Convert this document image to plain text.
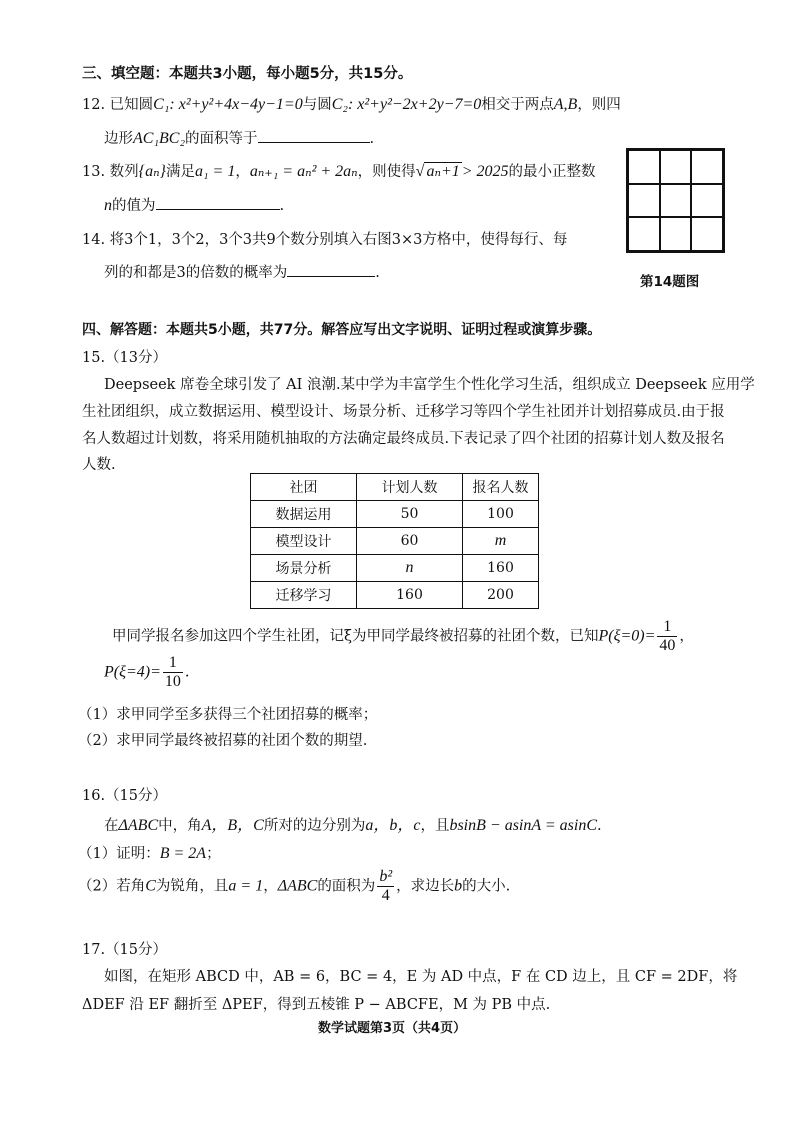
三、填空题：本题共3小题，每小题5分，共15分。
12. 已知圆C₁: x²+y²+4x−4y−1=0与圆C₂: x²+y²−2x+2y−7=0相交于两点A,B，则四
边形AC₁BC₂的面积等于	.
13. 数列{aₙ}满足a₁ = 1，aₙ₊₁ = aₙ² + 2aₙ，则使得√ aₙ+1 > 2025的最小正整数
n的值为	.
14. 将3个1，3个2，3个3共9个数分别填入右图3×3方格中，使得每行、每
列的和都是3的倍数的概率为	.
第14题图
四、解答题：本题共5小题，共77分。解答应写出文字说明、证明过程或演算步骤。
15.（13分）
Deepseek 席卷全球引发了 AI 浪潮.某中学为丰富学生个性化学习生活，组织成立 Deepseek 应用学
生社团组织，成立数据运用、模型设计、场景分析、迁移学习等四个学生社团并计划招募成员.由于报
名人数超过计划数，将采用随机抽取的方法确定最终成员.下表记录了四个社团的招募计划人数及报名
人数.
社团	计划人数	报名人数
数据运用	50	100
模型设计	60	m
场景分析	n	160
迁移学习	160	200
甲同学报名参加这四个学生社团，记ξ为甲同学最终被招募的社团个数，已知$P(\xi=0)= \frac{1}{40}$ ，
$P(\xi=4)= \frac{1}{10}$ .
（1）求甲同学至多获得三个社团招募的概率；
（2）求甲同学最终被招募的社团个数的期望.
16.（15分）
在ΔABC中，角A，B，C所对的边分别为a，b，c，且bsinB − asinA = asinC.
（1）证明：B = 2A；
（2）若角C为锐角，且a = 1，ΔABC的面积为 $\frac{\text{b²}}{4}$ ，求边长b的大小.
17.（15分）
如图，在矩形 ABCD 中，AB = 6，BC = 4，E 为 AD 中点，F 在 CD 边上，且 CF = 2DF，将
ΔDEF 沿 EF 翻折至 ΔPEF，得到五棱锥 P − ABCFE，M 为 PB 中点.
数学试题第3页（共4页）
